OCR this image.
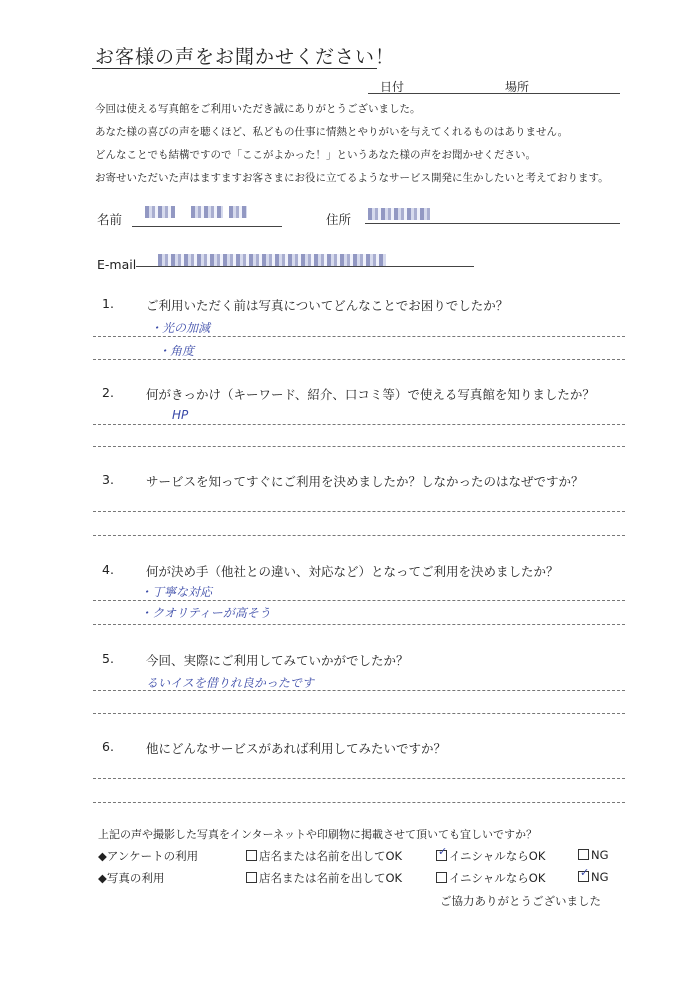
お客様の声をお聞かせください！
日付	場所
今回は使える写真館をご利用いただき誠にありがとうございました。
あなた様の喜びの声を聴くほど、私どもの仕事に情熱とやりがいを与えてくれるものはありません。
どんなことでも結構ですので「ここがよかった！」というあなた様の声をお聞かせください。
お寄せいただいた声はますますお客さまにお役に立てるようなサービス開発に生かしたいと考えております。
名前	住所
E-mail
1.	ご利用いただく前は写真についてどんなことでお困りでしたか？
・光の加減
・角度
2.	何がきっかけ（キーワード、紹介、口コミ等）で使える写真館を知りましたか？
HP
3.	サービスを知ってすぐにご利用を決めましたか？しなかったのはなぜですか？
4.	何が決め手（他社との違い、対応など）となってご利用を決めましたか？
・丁寧な対応
・クオリティーが高そう
5.	今回、実際にご利用してみていかがでしたか？
るいイスを借りれ良かったです
6.	他にどんなサービスがあれば利用してみたいですか？
上記の声や撮影した写真をインターネットや印刷物に掲載させて頂いても宜しいですか？
◆アンケートの利用	店名または名前を出してOK	✓ イニシャルならOK	NG
◆写真の利用	店名または名前を出してOK	イニシャルならOK	✓ NG
ご協力ありがとうございました
